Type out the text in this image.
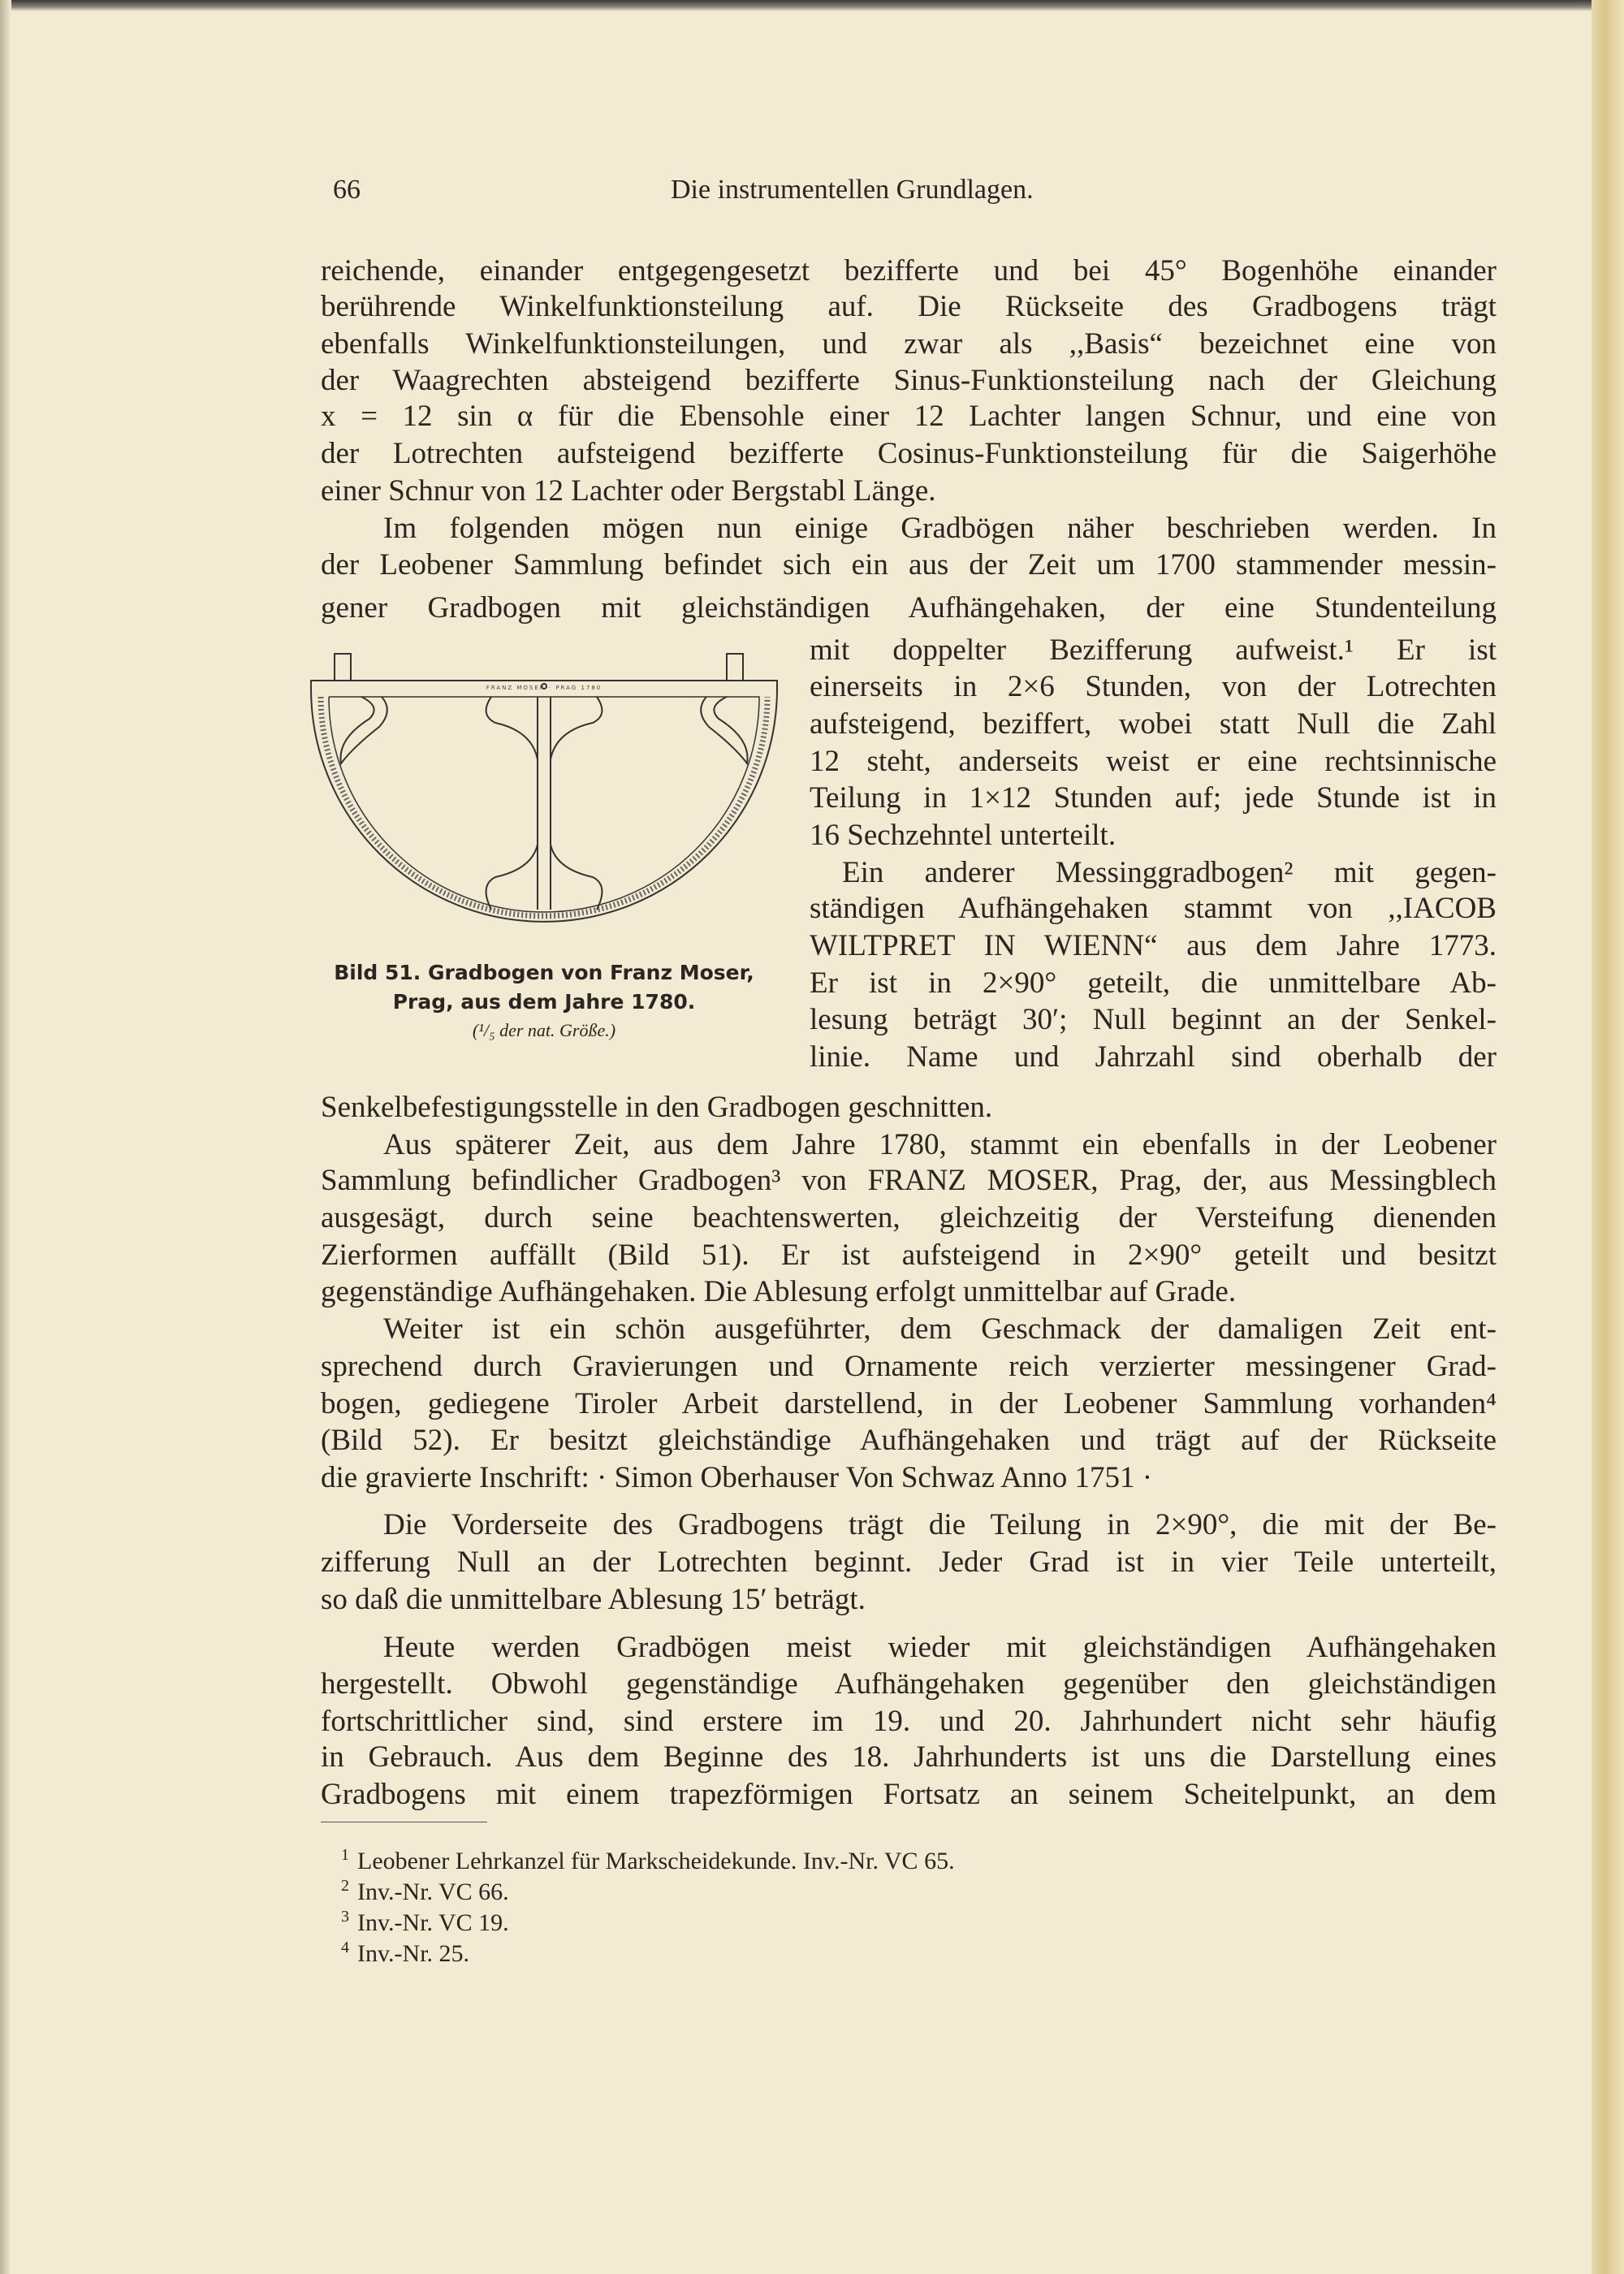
66	Die instrumentellen Grundlagen.
reichende, einander entgegengesetzt bezifferte und bei 45° Bogenhöhe einander
berührende Winkelfunktionsteilung auf. Die Rückseite des Gradbogens trägt
ebenfalls Winkelfunktionsteilungen, und zwar als ,,Basis“ bezeichnet eine von
der Waagrechten absteigend bezifferte Sinus-Funktionsteilung nach der Gleichung
x = 12 sin α für die Ebensohle einer 12 Lachter langen Schnur, und eine von
der Lotrechten aufsteigend bezifferte Cosinus-Funktionsteilung für die Saigerhöhe
einer Schnur von 12 Lachter oder Bergstabl Länge.
Im folgenden mögen nun einige Gradbögen näher beschrieben werden. In
der Leobener Sammlung befindet sich ein aus der Zeit um 1700 stammender messin-
gener Gradbogen mit gleichständigen Aufhängehaken, der eine Stundenteilung
mit doppelter Bezifferung aufweist.¹ Er ist
einerseits in 2×6 Stunden, von der Lotrechten
aufsteigend, beziffert, wobei statt Null die Zahl
12 steht, anderseits weist er eine rechtsinnische
Teilung in 1×12 Stunden auf; jede Stunde ist in
16 Sechzehntel unterteilt.
Ein anderer Messinggradbogen² mit gegen-
ständigen Aufhängehaken stammt von ,,IACOB
WILTPRET IN WIENN“ aus dem Jahre 1773.
Er ist in 2×90° geteilt, die unmittelbare Ab-
lesung beträgt 30′; Null beginnt an der Senkel-
linie. Name und Jahrzahl sind oberhalb der
Senkelbefestigungsstelle in den Gradbogen geschnitten.
Aus späterer Zeit, aus dem Jahre 1780, stammt ein ebenfalls in der Leobener
Sammlung befindlicher Gradbogen³ von FRANZ MOSER, Prag, der, aus Messingblech
ausgesägt, durch seine beachtenswerten, gleichzeitig der Versteifung dienenden
Zierformen auffällt (Bild 51). Er ist aufsteigend in 2×90° geteilt und besitzt
gegenständige Aufhängehaken. Die Ablesung erfolgt unmittelbar auf Grade.
Weiter ist ein schön ausgeführter, dem Geschmack der damaligen Zeit ent-
sprechend durch Gravierungen und Ornamente reich verzierter messingener Grad-
bogen, gediegene Tiroler Arbeit darstellend, in der Leobener Sammlung vorhanden⁴
(Bild 52). Er besitzt gleichständige Aufhängehaken und trägt auf der Rückseite
die gravierte Inschrift: · Simon Oberhauser Von Schwaz Anno 1751 ·
Die Vorderseite des Gradbogens trägt die Teilung in 2×90°, die mit der Be-
zifferung Null an der Lotrechten beginnt. Jeder Grad ist in vier Teile unterteilt,
so daß die unmittelbare Ablesung 15′ beträgt.
Heute werden Gradbögen meist wieder mit gleichständigen Aufhängehaken
hergestellt. Obwohl gegenständige Aufhängehaken gegenüber den gleichständigen
fortschrittlicher sind, sind erstere im 19. und 20. Jahrhundert nicht sehr häufig
in Gebrauch. Aus dem Beginne des 18. Jahrhunderts ist uns die Darstellung eines
Gradbogens mit einem trapezförmigen Fortsatz an seinem Scheitelpunkt, an dem
FRANZ MOSER · PRAG 1780
Bild 51. Gradbogen von Franz Moser,
Prag, aus dem Jahre 1780.
(¹/₅ der nat. Größe.)
$^1$ Leobener Lehrkanzel für Markscheidekunde. Inv.-Nr. VC 65.
$^2$ Inv.-Nr. VC 66.
$^3$ Inv.-Nr. VC 19.
$^4$ Inv.-Nr. 25.
